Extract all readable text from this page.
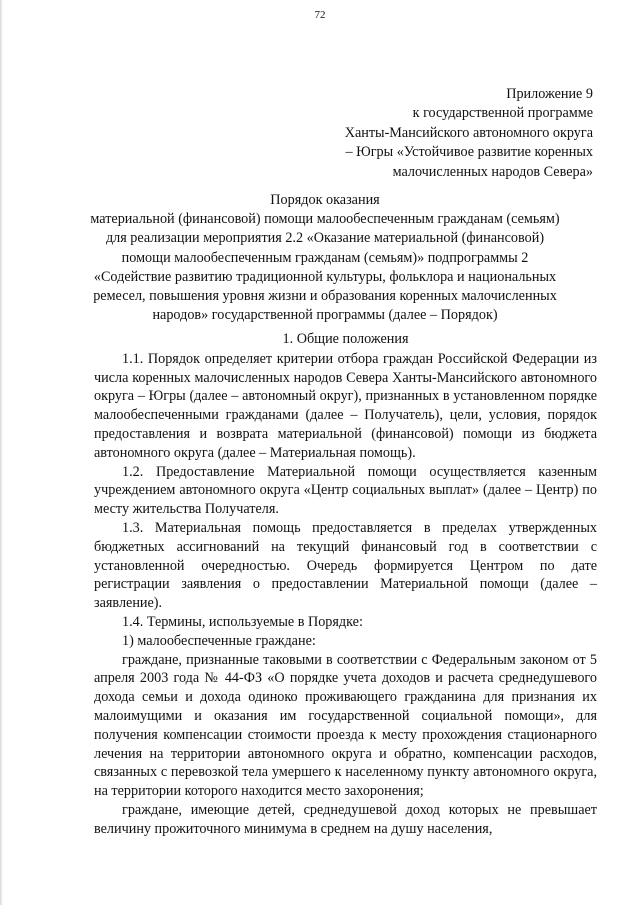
72
Приложение 9
к государственной программе
Ханты-Мансийского автономного округа
– Югры «Устойчивое развитие коренных
малочисленных народов Севера»
Порядок оказания
материальной (финансовой) помощи малообеспеченным гражданам (семьям)
для реализации мероприятия 2.2 «Оказание материальной (финансовой)
помощи малообеспеченным гражданам (семьям)» подпрограммы 2
«Содействие развитию традиционной культуры, фольклора и национальных
ремесел, повышения уровня жизни и образования коренных малочисленных
народов» государственной программы (далее – Порядок)
1. Общие положения

1.1. Порядок определяет критерии отбора граждан Российской Федерации из числа коренных малочисленных народов Севера Ханты-Мансийского автономного округа – Югры (далее – автономный округ), признанных в установленном порядке малообеспеченными гражданами (далее – Получатель), цели, условия, порядок предоставления и возврата материальной (финансовой) помощи из бюджета автономного округа (далее – Материальная помощь).

1.2. Предоставление Материальной помощи осуществляется казенным учреждением автономного округа «Центр социальных выплат» (далее – Центр) по месту жительства Получателя.

1.3. Материальная помощь предоставляется в пределах утвержденных бюджетных ассигнований на текущий финансовый год в соответствии с установленной очередностью. Очередь формируется Центром по дате регистрации заявления о предоставлении Материальной помощи (далее – заявление).

1.4. Термины, используемые в Порядке:

1) малообеспеченные граждане:

граждане, признанные таковыми в соответствии с Федеральным законом от 5 апреля 2003 года № 44-ФЗ «О порядке учета доходов и расчета среднедушевого дохода семьи и дохода одиноко проживающего гражданина для признания их малоимущими и оказания им государственной социальной помощи», для получения компенсации стоимости проезда к месту прохождения стационарного лечения на территории автономного округа и обратно, компенсации расходов, связанных с перевозкой тела умершего к населенному пункту автономного округа, на территории которого находится место захоронения;

граждане, имеющие детей, среднедушевой доход которых не превышает величину прожиточного минимума в среднем на душу населения,
